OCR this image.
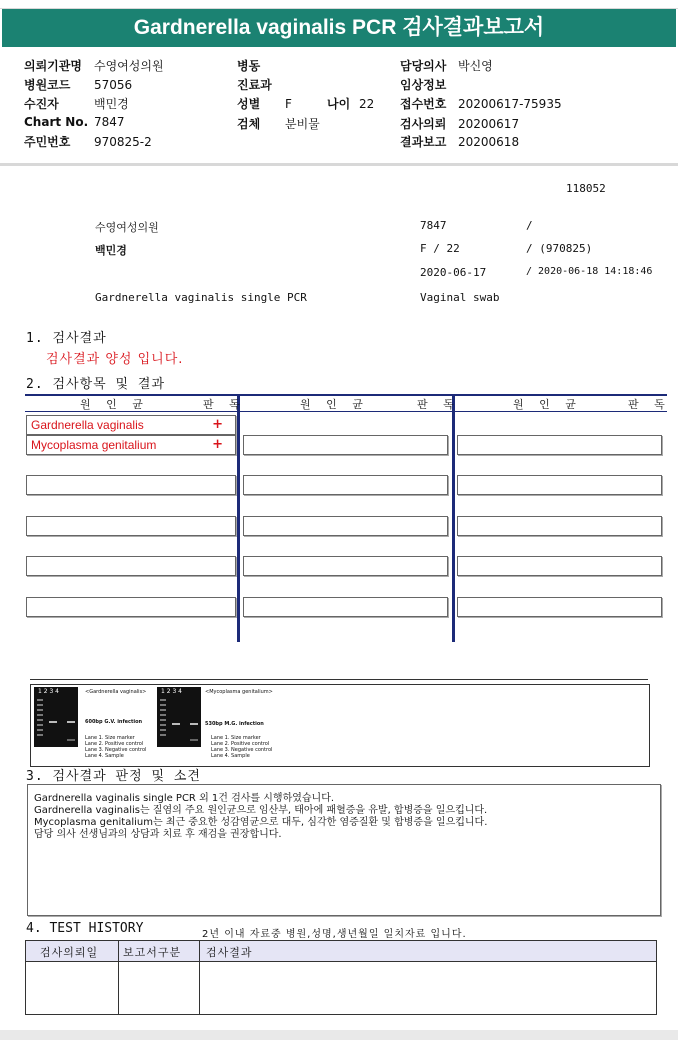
Gardnerella vaginalis PCR 검사결과보고서
의뢰기관명 수영여성의원
병원코드 57056
수진자	백민경
Chart No. 7847
주민번호 970825-2
병동
진료과
성별 F	나이 22
검체 분비물
담당의사 박신영
임상정보
접수번호 20200617-75935
검사의뢰 20200617
결과보고 20200618
118052
수영여성의원	7847	/
백민경	F / 22	/ (970825)
2020-06-17	/ 2020-06-18 14:18:46
Gardnerella vaginalis single PCR	Vaginal swab
1. 검사결과
검사결과 양성 입니다.
2. 검사항목 및 결과
원 인 균	판 독	원 인 균	판 독	원 인 균	판 독
Gardnerella vaginalis	+
Mycoplasma genitalium	+
1 2 3 4	<Gardnerella vaginalis>
600bp G.V. infection
Lane 1. Size marker
Lane 2. Positive control
Lane 3. Negative control
Lane 4. Sample
1 2 3 4	<Mycoplasma genitalium>
530bp M.G. infection
Lane 1. Size marker
Lane 2. Positive control
Lane 3. Negative control
Lane 4. Sample
3. 검사결과 판정 및 소견
Gardnerella vaginalis single PCR 외 1건 검사를 시행하였습니다.
Gardnerella vaginalis는 질염의 주요 원인균으로 임산부, 태아에 패혈증을 유발, 합병증을 일으킵니다.
Mycoplasma genitalium는 최근 중요한 성감염균으로 대두, 심각한 염증질환 및 합병증을 일으킵니다.
담당 의사 선생님과의 상담과 치료 후 재검을 권장합니다.
4. TEST HISTORY	2년 이내 자료중 병원,성명,생년월일 일치자료 입니다.
검사의뢰일 보고서구분 검사결과
